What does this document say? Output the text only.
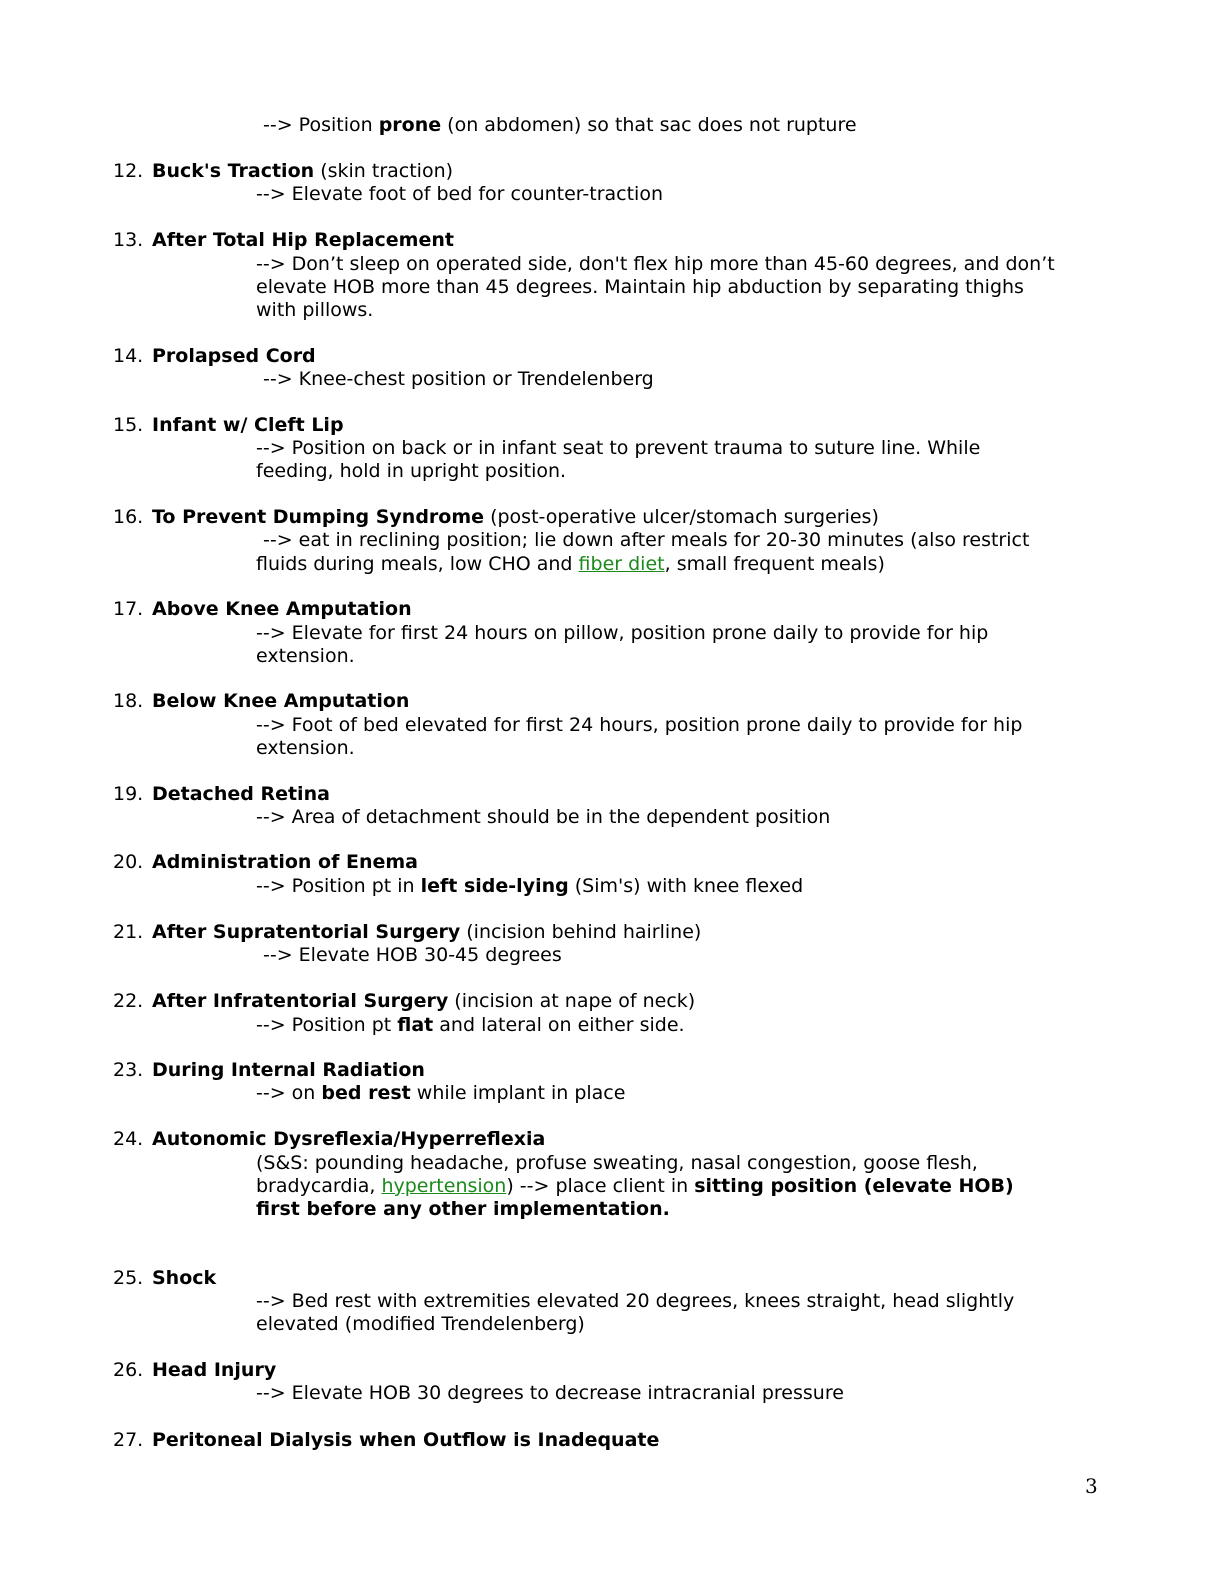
--> Position prone (on abdomen) so that sac does not rupture
12. Buck's Traction (skin traction)
--> Elevate foot of bed for counter-traction
13. After Total Hip Replacement
--> Don’t sleep on operated side, don't flex hip more than 45-60 degrees, and don’t
elevate HOB more than 45 degrees. Maintain hip abduction by separating thighs
with pillows.
14. Prolapsed Cord
--> Knee-chest position or Trendelenberg
15. Infant w/ Cleft Lip
--> Position on back or in infant seat to prevent trauma to suture line. While
feeding, hold in upright position.
16. To Prevent Dumping Syndrome (post-operative ulcer/stomach surgeries)
--> eat in reclining position; lie down after meals for 20-30 minutes (also restrict
fluids during meals, low CHO and fiber diet, small frequent meals)
17. Above Knee Amputation
--> Elevate for first 24 hours on pillow, position prone daily to provide for hip
extension.
18. Below Knee Amputation
--> Foot of bed elevated for first 24 hours, position prone daily to provide for hip
extension.
19. Detached Retina
--> Area of detachment should be in the dependent position
20. Administration of Enema
--> Position pt in left side-lying (Sim's) with knee flexed
21. After Supratentorial Surgery (incision behind hairline)
--> Elevate HOB 30-45 degrees
22. After Infratentorial Surgery (incision at nape of neck)
--> Position pt flat and lateral on either side.
23. During Internal Radiation
--> on bed rest while implant in place
24. Autonomic Dysreflexia/Hyperreflexia
(S&S: pounding headache, profuse sweating, nasal congestion, goose flesh,
bradycardia, hypertension) --> place client in sitting position (elevate HOB)
first before any other implementation.
25. Shock
--> Bed rest with extremities elevated 20 degrees, knees straight, head slightly
elevated (modified Trendelenberg)
26. Head Injury
--> Elevate HOB 30 degrees to decrease intracranial pressure
27. Peritoneal Dialysis when Outflow is Inadequate
3
